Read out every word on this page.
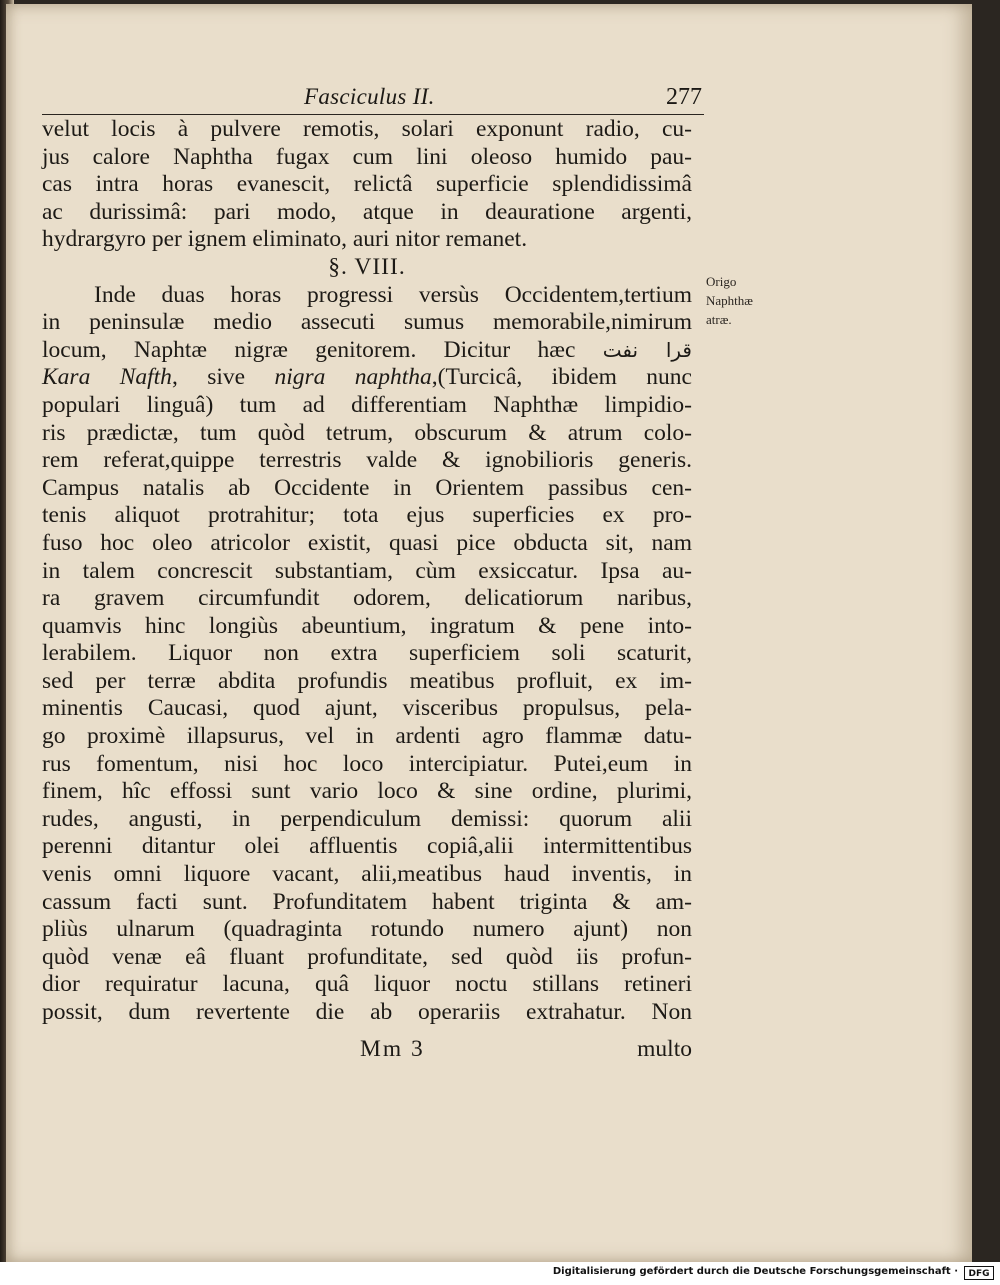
Fasciculus II.	277
velut locis à pulvere remotis, solari exponunt radio, cu-
jus calore Naphtha fugax cum lini oleoso humido pau-
cas intra horas evanescit, relictâ superficie splendidissimâ
ac durissimâ: pari modo, atque in deauratione argenti,
hydrargyro per ignem eliminato, auri nitor remanet.
§. VIII.
Inde duas horas progressi versùs Occidentem,tertium
in peninsulæ medio assecuti sumus memorabile,nimirum
locum, Naphtæ nigræ genitorem. Dicitur hæc قرا نفت
Kara Nafth, sive nigra naphtha,(Turcicâ, ibidem nunc
populari linguâ) tum ad differentiam Naphthæ limpidio-
ris prædictæ, tum quòd tetrum, obscurum & atrum colo-
rem referat,quippe terrestris valde & ignobilioris generis.
Campus natalis ab Occidente in Orientem passibus cen-
tenis aliquot protrahitur; tota ejus superficies ex pro-
fuso hoc oleo atricolor existit, quasi pice obducta sit, nam
in talem concrescit substantiam, cùm exsiccatur. Ipsa au-
ra gravem circumfundit odorem, delicatiorum naribus,
quamvis hinc longiùs abeuntium, ingratum & pene into-
lerabilem. Liquor non extra superficiem soli scaturit,
sed per terræ abdita profundis meatibus profluit, ex im-
minentis Caucasi, quod ajunt, visceribus propulsus, pela-
go proximè illapsurus, vel in ardenti agro flammæ datu-
rus fomentum, nisi hoc loco intercipiatur. Putei,eum in
finem, hîc effossi sunt vario loco & sine ordine, plurimi,
rudes, angusti, in perpendiculum demissi: quorum alii
perenni ditantur olei affluentis copiâ,alii intermittentibus
venis omni liquore vacant, alii,meatibus haud inventis, in
cassum facti sunt. Profunditatem habent triginta & am-
pliùs ulnarum (quadraginta rotundo numero ajunt) non
quòd venæ eâ fluant profunditate, sed quòd iis profun-
dior requiratur lacuna, quâ liquor noctu stillans retineri
possit, dum revertente die ab operariis extrahatur. Non
Origo
Naphthæ
atræ.
Mm 3	multo
Digitalisierung gefördert durch die Deutsche Forschungsgemeinschaft ·	DFG
